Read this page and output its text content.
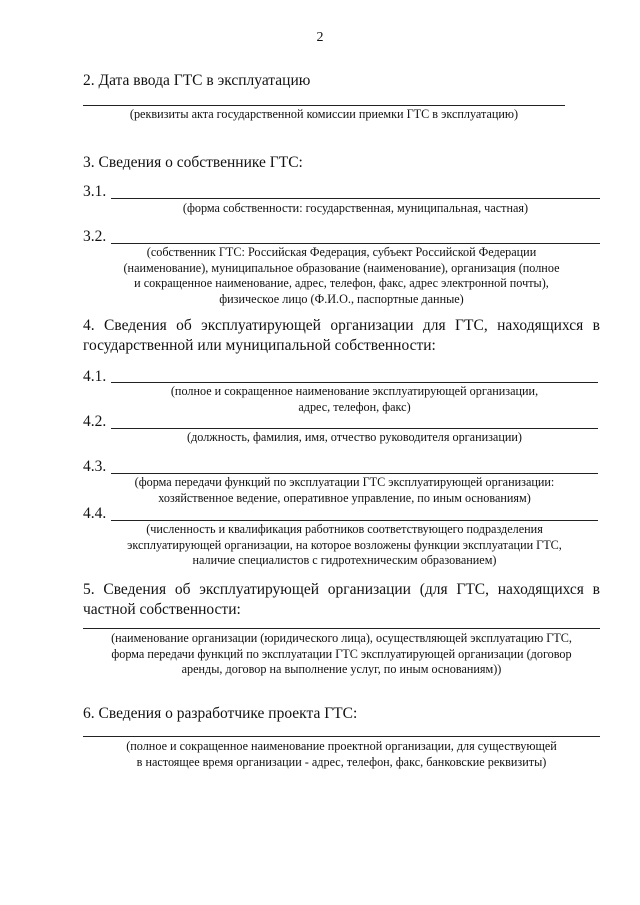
2
2. Дата ввода ГТС в эксплуатацию
(реквизиты акта государственной комиссии приемки ГТС в эксплуатацию)
3. Сведения о собственнике ГТС:
3.1.
(форма собственности: государственная, муниципальная, частная)
3.2.
(собственник ГТС: Российская Федерация, субъект Российской Федерации
(наименование), муниципальное образование (наименование), организация (полное
и сокращенное наименование, адрес, телефон, факс, адрес электронной почты),
физическое лицо (Ф.И.О., паспортные данные)
4. Сведения об эксплуатирующей организации для ГТС, находящихся в государственной или муниципальной собственности:
4.1.
(полное и сокращенное наименование эксплуатирующей организации,
адрес, телефон, факс)
4.2.
(должность, фамилия, имя, отчество руководителя организации)
4.3.
(форма передачи функций по эксплуатации ГТС эксплуатирующей организации:
хозяйственное ведение, оперативное управление, по иным основаниям)
4.4.
(численность и квалификация работников соответствующего подразделения
эксплуатирующей организации, на которое возложены функции эксплуатации ГТС,
наличие специалистов с гидротехническим образованием)
5. Сведения об эксплуатирующей организации (для ГТС, находящихся в частной собственности:
(наименование организации (юридического лица), осуществляющей эксплуатацию ГТС,
форма передачи функций по эксплуатации ГТС эксплуатирующей организации (договор
аренды, договор на выполнение услуг, по иным основаниям))
6. Сведения о разработчике проекта ГТС:
(полное и сокращенное наименование проектной организации, для существующей
в настоящее время организации - адрес, телефон, факс, банковские реквизиты)
